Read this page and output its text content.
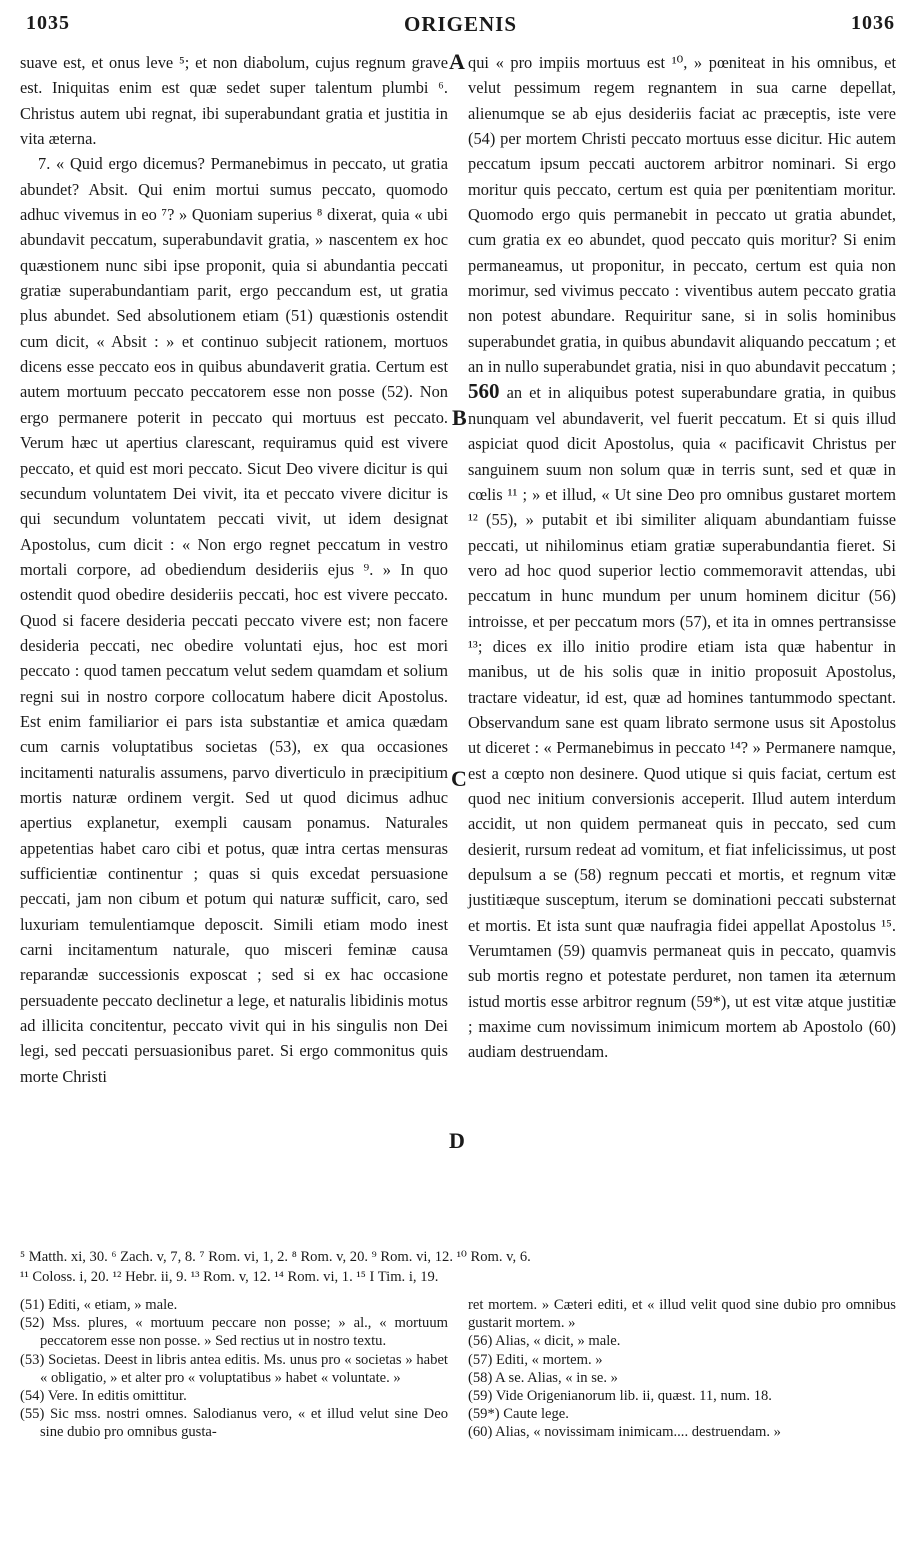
1035	ORIGENIS	1036

suave est, et onus leve ⁵; et non diabolum, cujus regnum grave est. Iniquitas enim est quæ sedet super talentum plumbi ⁶. Christus autem ubi regnat, ibi superabundant gratia et justitia in vita æterna.

7. « Quid ergo dicemus? Permanebimus in peccato, ut gratia abundet? Absit. Qui enim mortui sumus peccato, quomodo adhuc vivemus in eo ⁷? » Quoniam superius ⁸ dixerat, quia « ubi abundavit peccatum, superabundavit gratia, » nascentem ex hoc quæstionem nunc sibi ipse proponit, quia si abundantia peccati gratiæ superabundantiam parit, ergo peccandum est, ut gratia plus abundet. Sed absolutionem etiam (51) quæstionis ostendit cum dicit, « Absit : » et continuo subjecit rationem, mortuos dicens esse peccato eos in quibus abundaverit gratia. Certum est autem mortuum peccato peccatorem esse non posse (52). Non ergo permanere poterit in peccato qui mortuus est peccato. Verum hæc ut apertius clarescant, requiramus quid est vivere peccato, et quid est mori peccato. Sicut Deo vivere dicitur is qui secundum voluntatem Dei vivit, ita et peccato vivere dicitur is qui secundum voluntatem peccati vivit, ut idem designat Apostolus, cum dicit : « Non ergo regnet peccatum in vestro mortali corpore, ad obediendum desideriis ejus ⁹. » In quo ostendit quod obedire desideriis peccati, hoc est vivere peccato. Quod si facere desideria peccati peccato vivere est; non facere desideria peccati, nec obedire voluntati ejus, hoc est mori peccato : quod tamen peccatum velut sedem quamdam et solium regni sui in nostro corpore collocatum habere dicit Apostolus. Est enim familiarior ei pars ista substantiæ et amica quædam cum carnis voluptatibus societas (53), ex qua occasiones incitamenti naturalis assumens, parvo diverticulo in præcipitium mortis naturæ ordinem vergit. Sed ut quod dicimus adhuc apertius explanetur, exempli causam ponamus. Naturales appetentias habet caro cibi et potus, quæ intra certas mensuras sufficientiæ continentur ; quas si quis excedat persuasione peccati, jam non cibum et potum qui naturæ sufficit, caro, sed luxuriam temulentiamque deposcit. Simili etiam modo inest carni incitamentum naturale, quo misceri feminæ causa reparandæ successionis exposcat ; sed si ex hac occasione persuadente peccato declinetur a lege, et naturalis libidinis motus ad illicita concitentur, peccato vivit qui in his singulis non Dei legi, sed peccati persuasionibus paret. Si ergo commonitus quis morte Christi

A
B
C
D

qui « pro impiis mortuus est ¹⁰, » pœniteat in his omnibus, et velut pessimum regem regnantem in sua carne depellat, alienumque se ab ejus desideriis faciat ac præceptis, iste vere (54) per mortem Christi peccato mortuus esse dicitur. Hic autem peccatum ipsum peccati auctorem arbitror nominari. Si ergo moritur quis peccato, certum est quia per pœnitentiam moritur. Quomodo ergo quis permanebit in peccato ut gratia abundet, cum gratia ex eo abundet, quod peccato quis moritur? Si enim permaneamus, ut proponitur, in peccato, certum est quia non morimur, sed vivimus peccato : viventibus autem peccato gratia non potest abundare. Requiritur sane, si in solis hominibus superabundet gratia, in quibus abundavit aliquando peccatum ; et an in nullo superabundet gratia, nisi in quo abundavit peccatum ; 560 an et in aliquibus potest superabundare gratia, in quibus nunquam vel abundaverit, vel fuerit peccatum. Et si quis illud aspiciat quod dicit Apostolus, quia « pacificavit Christus per sanguinem suum non solum quæ in terris sunt, sed et quæ in cœlis ¹¹ ; » et illud, « Ut sine Deo pro omnibus gustaret mortem ¹² (55), » putabit et ibi similiter aliquam abundantiam fuisse peccati, ut nihilominus etiam gratiæ superabundantia fieret. Si vero ad hoc quod superior lectio commemoravit attendas, ubi peccatum in hunc mundum per unum hominem dicitur (56) introisse, et per peccatum mors (57), et ita in omnes pertransisse ¹³; dices ex illo initio prodire etiam ista quæ habentur in manibus, ut de his solis quæ in initio proposuit Apostolus, tractare videatur, id est, quæ ad homines tantummodo spectant. Observandum sane est quam librato sermone usus sit Apostolus ut diceret : « Permanebimus in peccato ¹⁴? » Permanere namque, est a cœpto non desinere. Quod utique si quis faciat, certum est quod nec initium conversionis acceperit. Illud autem interdum accidit, ut non quidem permaneat quis in peccato, sed cum desierit, rursum redeat ad vomitum, et fiat infelicissimus, ut post depulsum a se (58) regnum peccati et mortis, et regnum vitæ justitiæque susceptum, iterum se dominationi peccati substernat et mortis. Et ista sunt quæ naufragia fidei appellat Apostolus ¹⁵. Verumtamen (59) quamvis permaneat quis in peccato, quamvis sub mortis regno et potestate perduret, non tamen ita æternum istud mortis esse arbitror regnum (59*), ut est vitæ atque justitiæ ; maxime cum novissimum inimicum mortem ab Apostolo (60) audiam destruendam.

⁵ Matth. xi, 30. ⁶ Zach. v, 7, 8. ⁷ Rom. vi, 1, 2. ⁸ Rom. v, 20. ⁹ Rom. vi, 12. ¹⁰ Rom. v, 6.

¹¹ Coloss. i, 20. ¹² Hebr. ii, 9. ¹³ Rom. v, 12. ¹⁴ Rom. vi, 1. ¹⁵ I Tim. i, 19.

(51) Editi, « etiam, » male.

(52) Mss. plures, « mortuum peccare non posse; » al., « mortuum peccatorem esse non posse. » Sed rectius ut in nostro textu.

(53) Societas. Deest in libris antea editis. Ms. unus pro « societas » habet « obligatio, » et alter pro « voluptatibus » habet « voluntate. »

(54) Vere. In editis omittitur.

(55) Sic mss. nostri omnes. Salodianus vero, « et illud velut sine Deo sine dubio pro omnibus gusta-

ret mortem. » Cæteri editi, et « illud velit quod sine dubio pro omnibus gustarit mortem. »

(56) Alias, « dicit, » male.

(57) Editi, « mortem. »

(58) A se. Alias, « in se. »

(59) Vide Origenianorum lib. ii, quæst. 11, num. 18.

(59*) Caute lege.

(60) Alias, « novissimam inimicam.... destruendam. »
